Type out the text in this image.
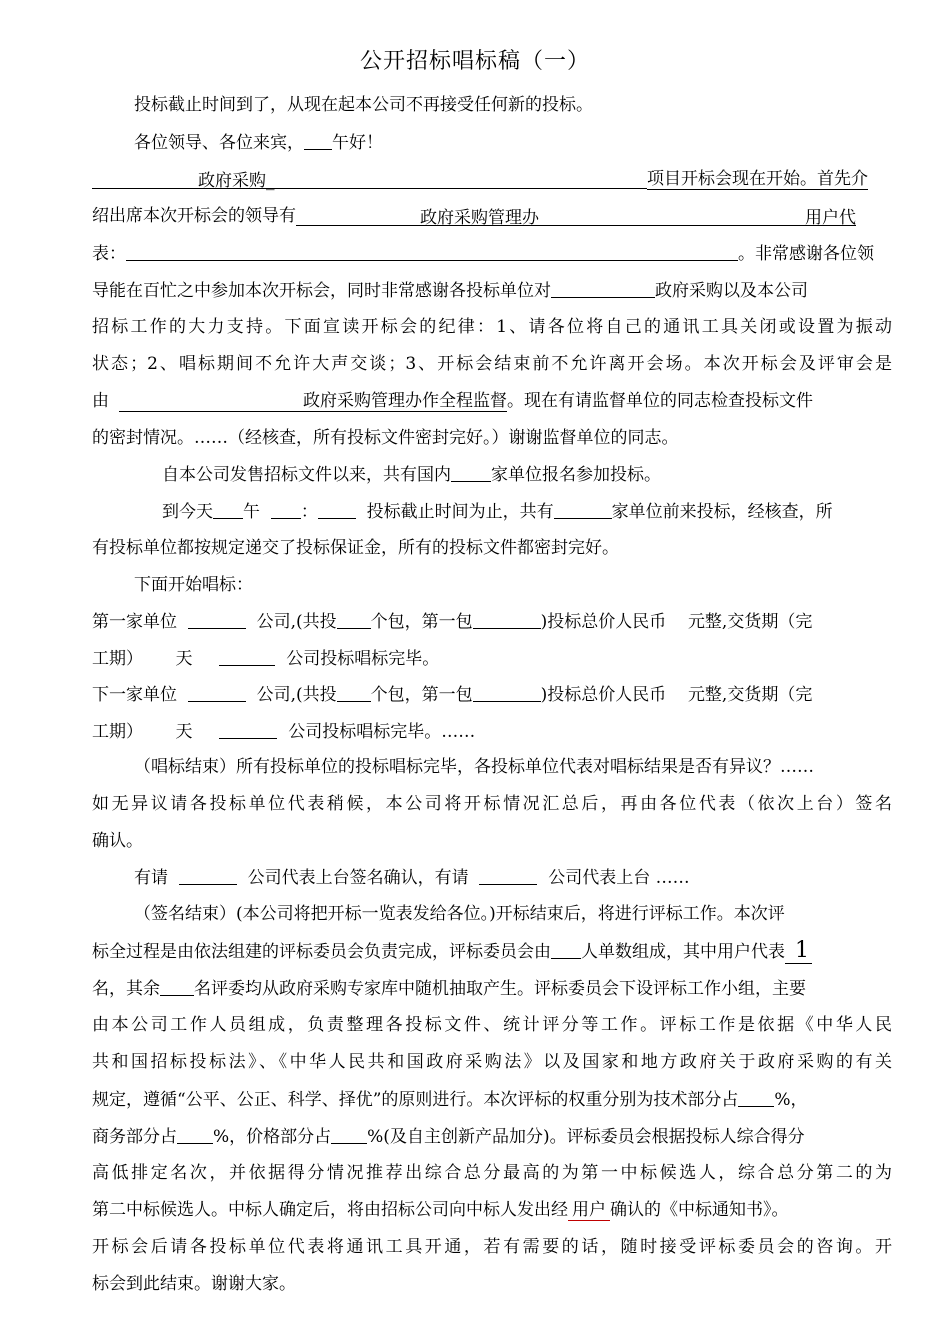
公开招标唱标稿（一）
投标截止时间到了，从现在起本公司不再接受任何新的投标。
各位领导、各位来宾， 午好！
政府采购_	项目开标会现在开始。首先介
绍出席本次开标会的领导有	政府采购管理办	用户代
表：	。非常感谢各位领
导能在百忙之中参加本次开标会，同时非常感谢各投标单位对	政府采购以及本公司
招标工作的大力支持。下面宣读开标会的纪律：1、请各位将自己的通讯工具关闭或设置为振动
状态；2、唱标期间不允许大声交谈；3、开标会结束前不允许离开会场。本次开标会及评审会是
由	政府采购管理办作全程监督。现在有请监督单位的同志检查投标文件
的密封情况。……（经核查，所有投标文件密封完好。）谢谢监督单位的同志。
自本公司发售招标文件以来，共有国内 家单位报名参加投标。
到今天 午 ：	投标截止时间为止，共有	家单位前来投标，经核查，所
有投标单位都按规定递交了投标保证金，所有的投标文件都密封完好。
下面开始唱标：
第一家单位	公司,(共投 个包，第一包	)投标总价人民币 元整,交货期（完
工期） 天	公司投标唱标完毕。
下一家单位	公司,(共投 个包，第一包	)投标总价人民币 元整,交货期（完
工期） 天	公司投标唱标完毕。……
（唱标结束）所有投标单位的投标唱标完毕，各投标单位代表对唱标结果是否有异议？……
如无异议请各投标单位代表稍候，本公司将开标情况汇总后，再由各位代表（依次上台）签名
确认。
有请	公司代表上台签名确认，有请	公司代表上台 ……
（签名结束）(本公司将把开标一览表发给各位。)开标结束后，将进行评标工作。本次评
标全过程是由依法组建的评标委员会负责完成，评标委员会由 人单数组成，其中用户代表 1
名，其余 名评委均从政府采购专家库中随机抽取产生。评标委员会下设评标工作小组，主要
由本公司工作人员组成，负责整理各投标文件、统计评分等工作。评标工作是依据《中华人民
共和国招标投标法》、《中华人民共和国政府采购法》以及国家和地方政府关于政府采购的有关
规定，遵循“公平、公正、科学、择优”的原则进行。本次评标的权重分别为技术部分占 %，
商务部分占 %，价格部分占 %(及自主创新产品加分)。评标委员会根据投标人综合得分
高低排定名次，并依据得分情况推荐出综合总分最高的为第一中标候选人，综合总分第二的为
第二中标候选人。中标人确定后，将由招标公司向中标人发出经 用户 确认的《中标通知书》。
开标会后请各投标单位代表将通讯工具开通，若有需要的话，随时接受评标委员会的咨询。开
标会到此结束。谢谢大家。
